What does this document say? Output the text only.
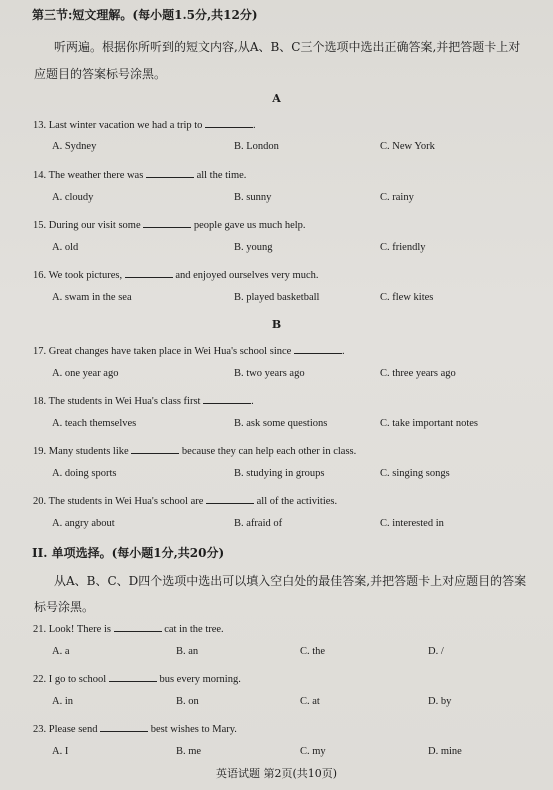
第三节:短文理解。(每小题1.5分,共12分)
听两遍。根据你所听到的短文内容,从A、B、C三个选项中选出正确答案,并把答题卡上对
应题目的答案标号涂黑。
A
13. Last winter vacation we had a trip to	.
A. Sydney	B. London	C. New York
14. The weather there was	all the time.
A. cloudy	B. sunny	C. rainy
15. During our visit some	people gave us much help.
A. old	B. young	C. friendly
16. We took pictures,	and enjoyed ourselves very much.
A. swam in the sea	B. played basketball	C. flew kites
B
17. Great changes have taken place in Wei Hua's school since	.
A. one year ago	B. two years ago	C. three years ago
18. The students in Wei Hua's class first	.
A. teach themselves	B. ask some questions	C. take important notes
19. Many students like	because they can help each other in class.
A. doing sports	B. studying in groups	C. singing songs
20. The students in Wei Hua's school are	all of the activities.
A. angry about	B. afraid of	C. interested in
II. 单项选择。(每小题1分,共20分)
从A、B、C、D四个选项中选出可以填入空白处的最佳答案,并把答题卡上对应题目的答案
标号涂黑。
21. Look! There is	cat in the tree.
A. a	B. an	C. the	D. /
22. I go to school	bus every morning.
A. in	B. on	C. at	D. by
23. Please send	best wishes to Mary.
A. I	B. me	C. my	D. mine
英语试题 第2页(共10页)
